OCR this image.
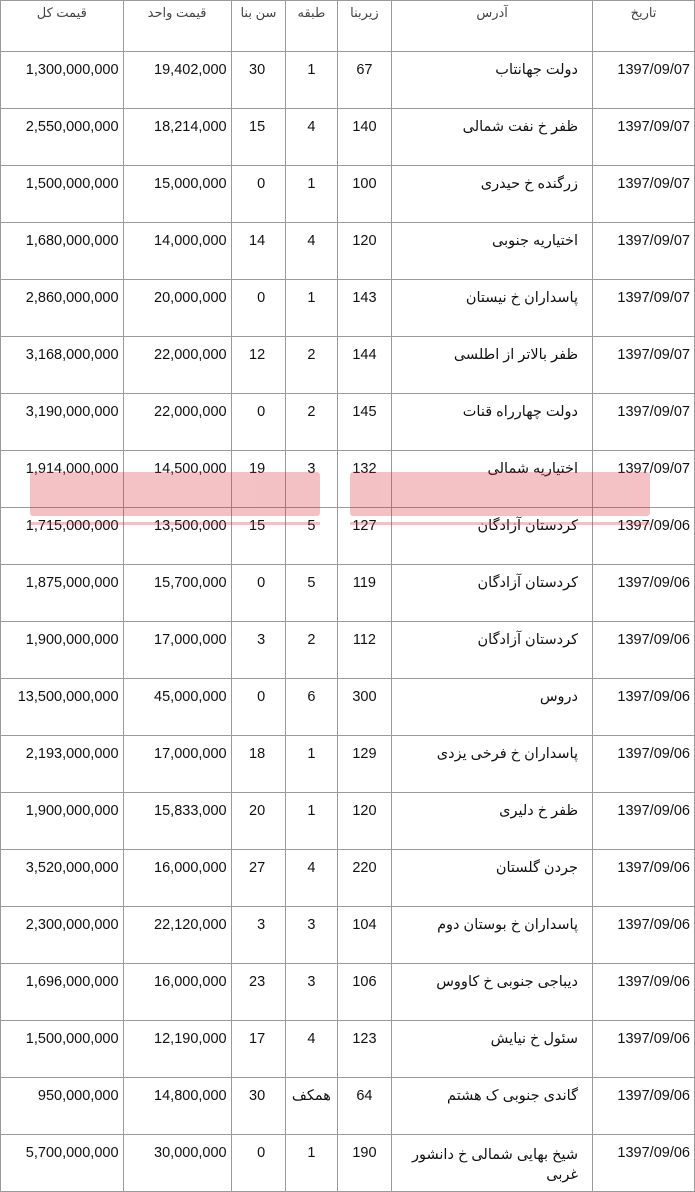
قیمت کل	قیمت واحد	سن بنا	طبقه	زیربنا	آدرس	تاریخ
1,300,000,000	19,402,000	30	1	67	دولت جهانتاب	1397/09/07
2,550,000,000	18,214,000	15	4	140	ظفر خ نفت شمالی	1397/09/07
1,500,000,000	15,000,000	0	1	100	زرگنده خ حیدری	1397/09/07
1,680,000,000	14,000,000	14	4	120	اختیاریه جنوبی	1397/09/07
2,860,000,000	20,000,000	0	1	143	پاسداران خ نیستان	1397/09/07
3,168,000,000	22,000,000	12	2	144	ظفر بالاتر از اطلسی	1397/09/07
3,190,000,000	22,000,000	0	2	145	دولت چهارراه قنات	1397/09/07
1,914,000,000	14,500,000	19	3	132	اختیاریه شمالی	1397/09/07
1,715,000,000	13,500,000	15	5	127	کردستان آزادگان	1397/09/06
1,875,000,000	15,700,000	0	5	119	کردستان آزادگان	1397/09/06
1,900,000,000	17,000,000	3	2	112	کردستان آزادگان	1397/09/06
13,500,000,000	45,000,000	0	6	300	دروس	1397/09/06
2,193,000,000	17,000,000	18	1	129	پاسداران خ فرخی یزدی	1397/09/06
1,900,000,000	15,833,000	20	1	120	ظفر خ دلیری	1397/09/06
3,520,000,000	16,000,000	27	4	220	جردن گلستان	1397/09/06
2,300,000,000	22,120,000	3	3	104	پاسداران خ بوستان دوم	1397/09/06
1,696,000,000	16,000,000	23	3	106	دیباجی جنوبی خ کاووس	1397/09/06
1,500,000,000	12,190,000	17	4	123	سئول خ نیایش	1397/09/06
950,000,000	14,800,000	30	همکف	64	گاندی جنوبی ک هشتم	1397/09/06
5,700,000,000	30,000,000	0	1	190	شیخ بهایی شمالی خ دانشور غربی	1397/09/06
